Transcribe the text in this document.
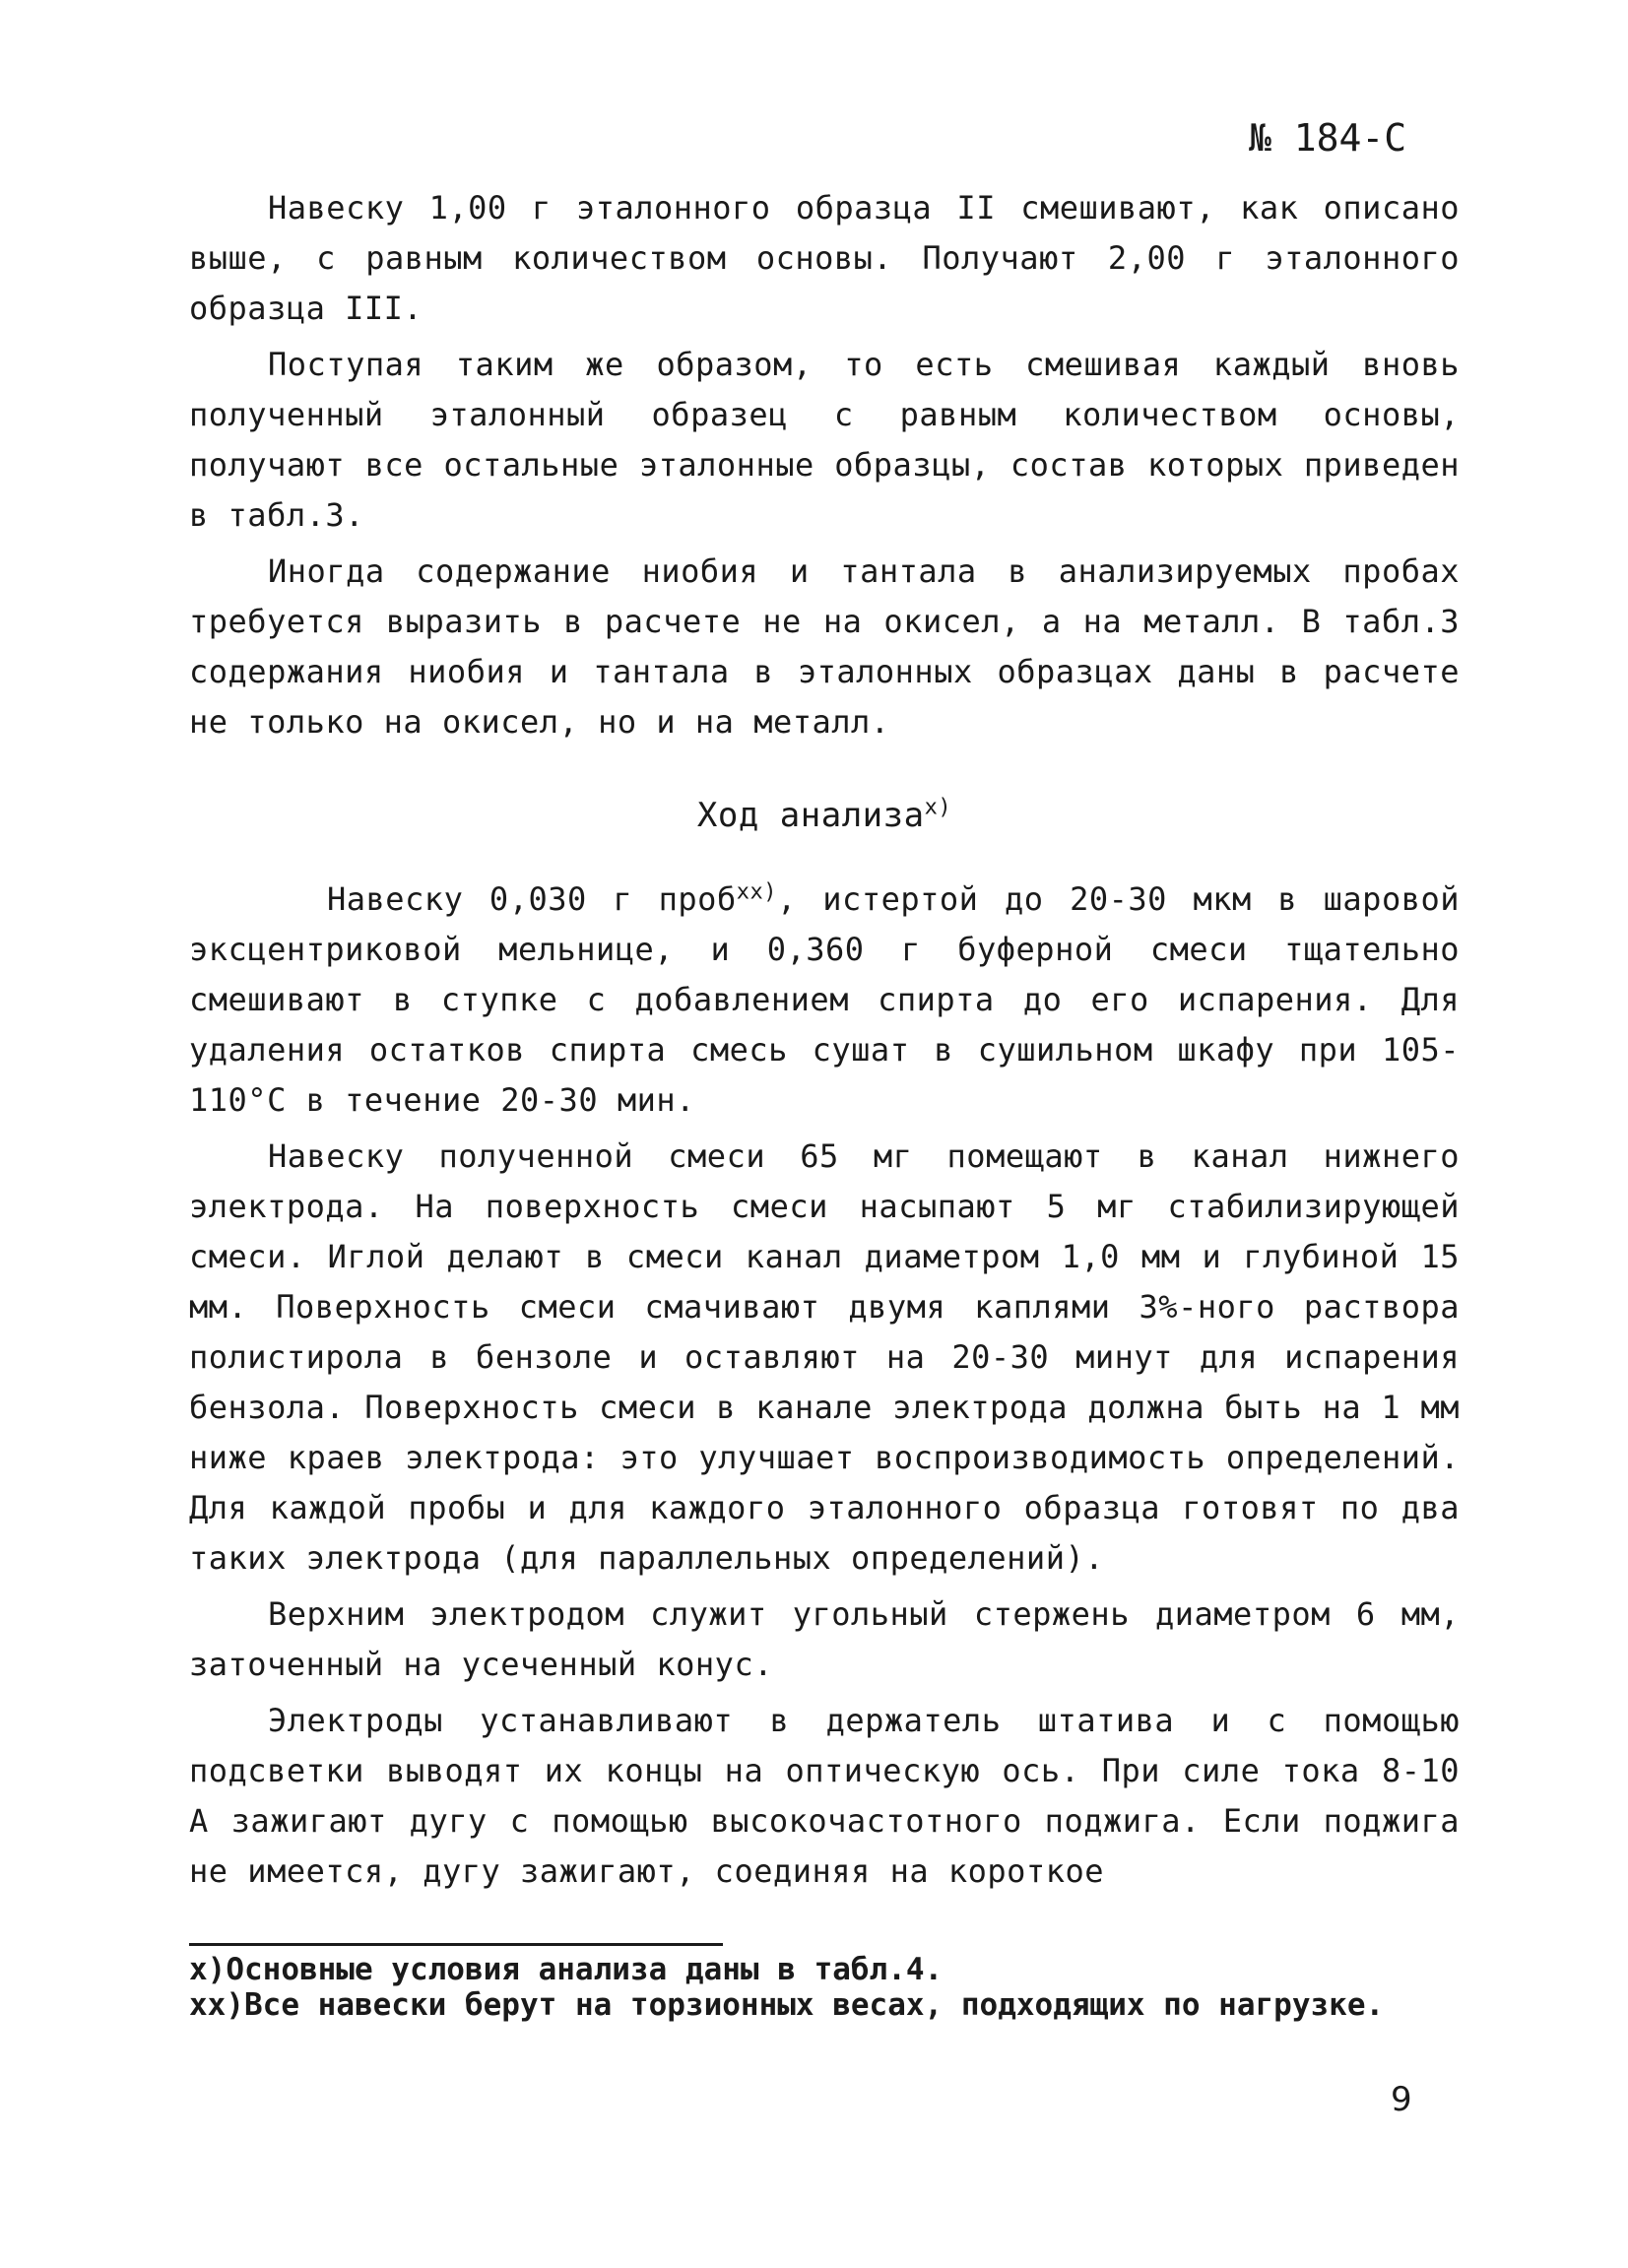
№ 184-С

Навеску 1,00 г эталонного образца II смешивают, как описано выше, с равным количеством основы. Получают 2,00 г эталонного образца III.

Поступая таким же образом, то есть смешивая каждый вновь полученный эталонный образец с равным количеством основы, получают все остальные эталонные образцы, состав которых приведен в табл.3.

Иногда содержание ниобия и тантала в анализируемых пробах требуется выразить в расчете не на окисел, а на металл. В табл.3 содержания ниобия и тантала в эталонных образцах даны в расчете не только на окисел, но и на металл.

Ход анализа$^{x)}$

Навеску 0,030 г проб$^{xx)}$, истертой до 20-30 мкм в шаровой эксцентриковой мельнице, и 0,360 г буферной смеси тщательно смешивают в ступке с добавлением спирта до его испарения. Для удаления остатков спирта смесь сушат в сушильном шкафу при 105-110°С в течение 20-30 мин.

Навеску полученной смеси 65 мг помещают в канал нижнего электрода. На поверхность смеси насыпают 5 мг стабилизирующей смеси. Иглой делают в смеси канал диаметром 1,0 мм и глубиной 15 мм. Поверхность смеси смачивают двумя каплями 3%-ного раствора полистирола в бензоле и оставляют на 20-30 минут для испарения бензола. Поверхность смеси в канале электрода должна быть на 1 мм ниже краев электрода: это улучшает воспроизводимость определений. Для каждой пробы и для каждого эталонного образца готовят по два таких электрода (для параллельных определений).

Верхним электродом служит угольный стержень диаметром 6 мм, заточенный на усеченный конус.

Электроды устанавливают в держатель штатива и с помощью подсветки выводят их концы на оптическую ось. При силе тока 8-10 А зажигают дугу с помощью высокочастотного поджига. Если поджига не имеется, дугу зажигают, соединяя на короткое

x)Основные условия анализа даны в табл.4.

xx)Все навески берут на торзионных весах, подходящих по нагрузке.

9
